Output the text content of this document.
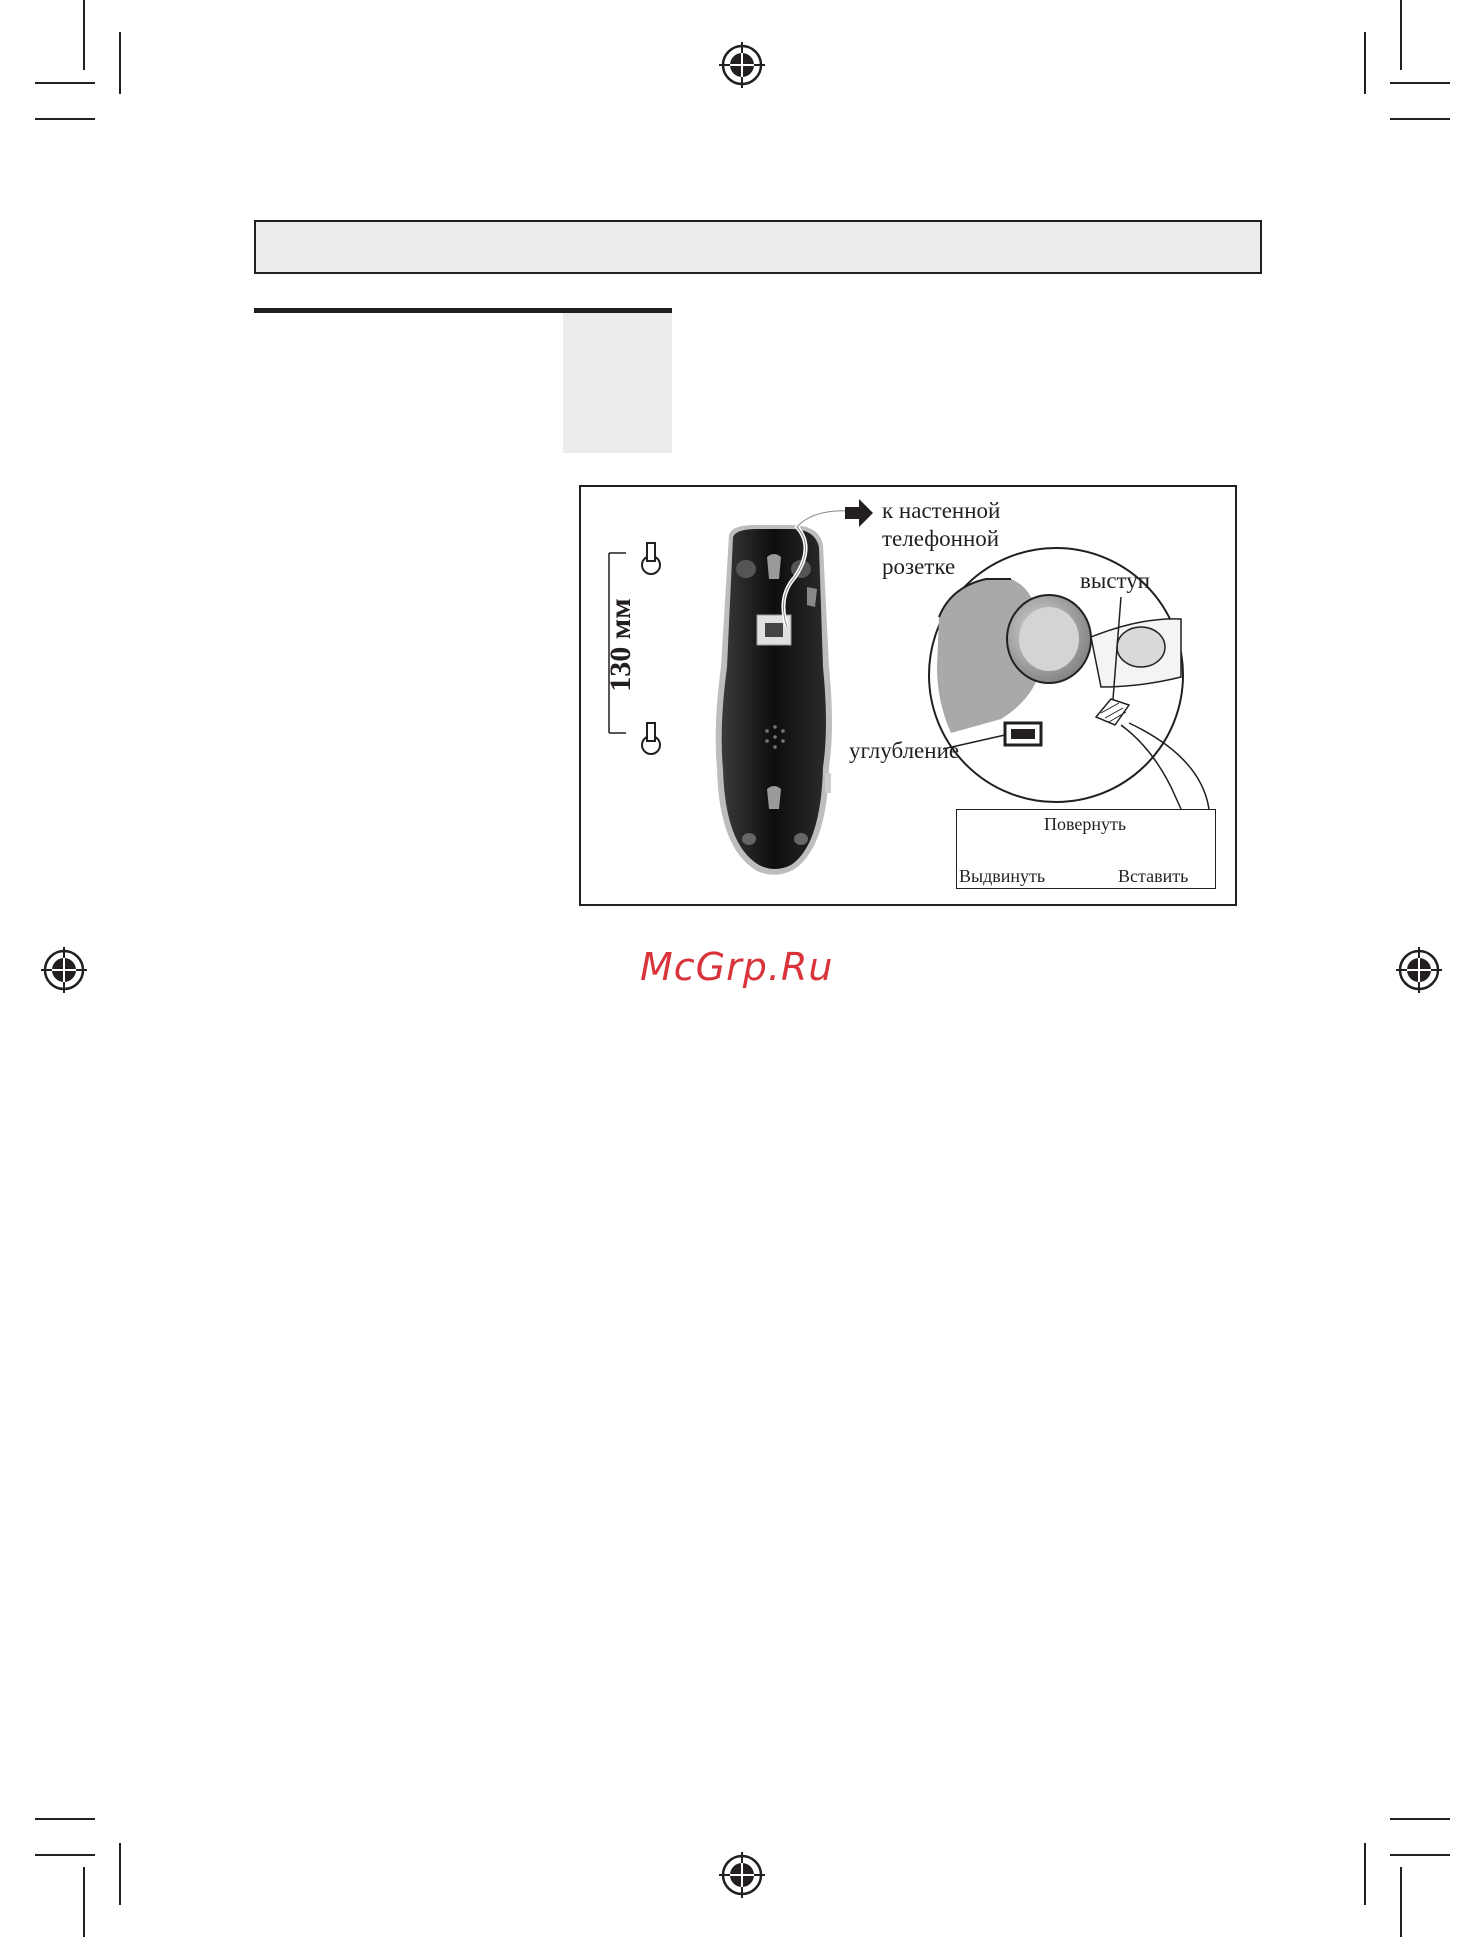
к настенной
телефонной
розетке
выступ
углубление
130 мм
Выдвинуть
Повернуть
Вставить
McGrp.Ru
